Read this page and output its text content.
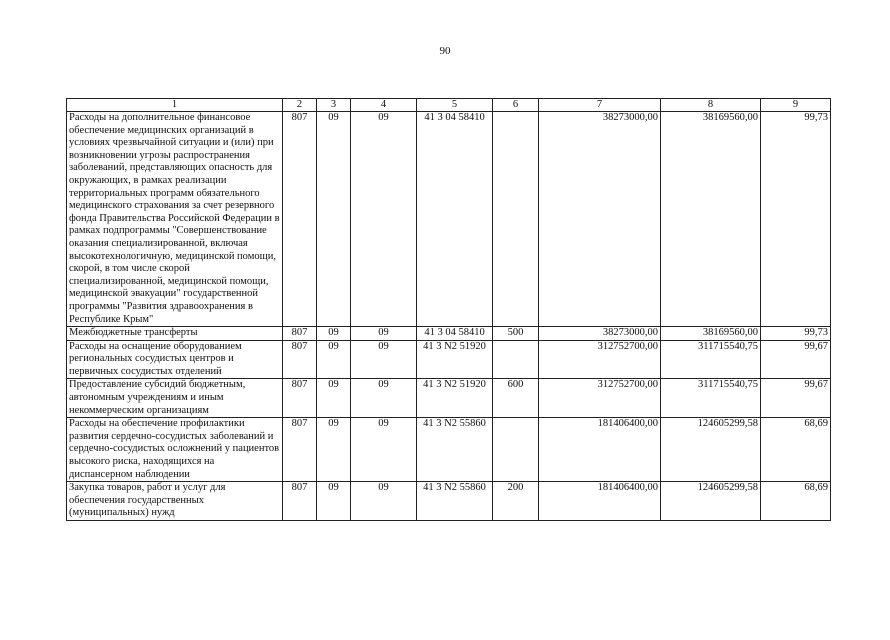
90
1	2	3	4	5	6	7	8	9
Расходы на дополнительное финансовое обеспечение медицинских организаций в условиях чрезвычайной ситуации и (или) при возникновении угрозы распространения заболеваний, представляющих опасность для окружающих, в рамках реализации территориальных программ обязательного медицинского страхования за счет резервного фонда Правительства Российской Федерации в рамках подпрограммы "Совершенствование оказания специализированной, включая высокотехнологичную, медицинской помощи, скорой, в том числе скорой специализированной, медицинской помощи, медицинской эвакуации" государственной программы "Развития здравоохранения в Республике Крым"	807	09	09	41 3 04 58410		38273000,00	38169560,00	99,73
Межбюджетные трансферты	807	09	09	41 3 04 58410	500	38273000,00	38169560,00	99,73
Расходы на оснащение оборудованием региональных сосудистых центров и первичных сосудистых отделений	807	09	09	41 3 N2 51920		312752700,00	311715540,75	99,67
Предоставление субсидий бюджетным, автономным учреждениям и иным некоммерческим организациям	807	09	09	41 3 N2 51920	600	312752700,00	311715540,75	99,67
Расходы на обеспечение профилактики развития сердечно-сосудистых заболеваний и сердечно-сосудистых осложнений у пациентов высокого риска, находящихся на диспансерном наблюдении	807	09	09	41 3 N2 55860		181406400,00	124605299,58	68,69
Закупка товаров, работ и услуг для обеспечения государственных (муниципальных) нужд	807	09	09	41 3 N2 55860	200	181406400,00	124605299,58	68,69
